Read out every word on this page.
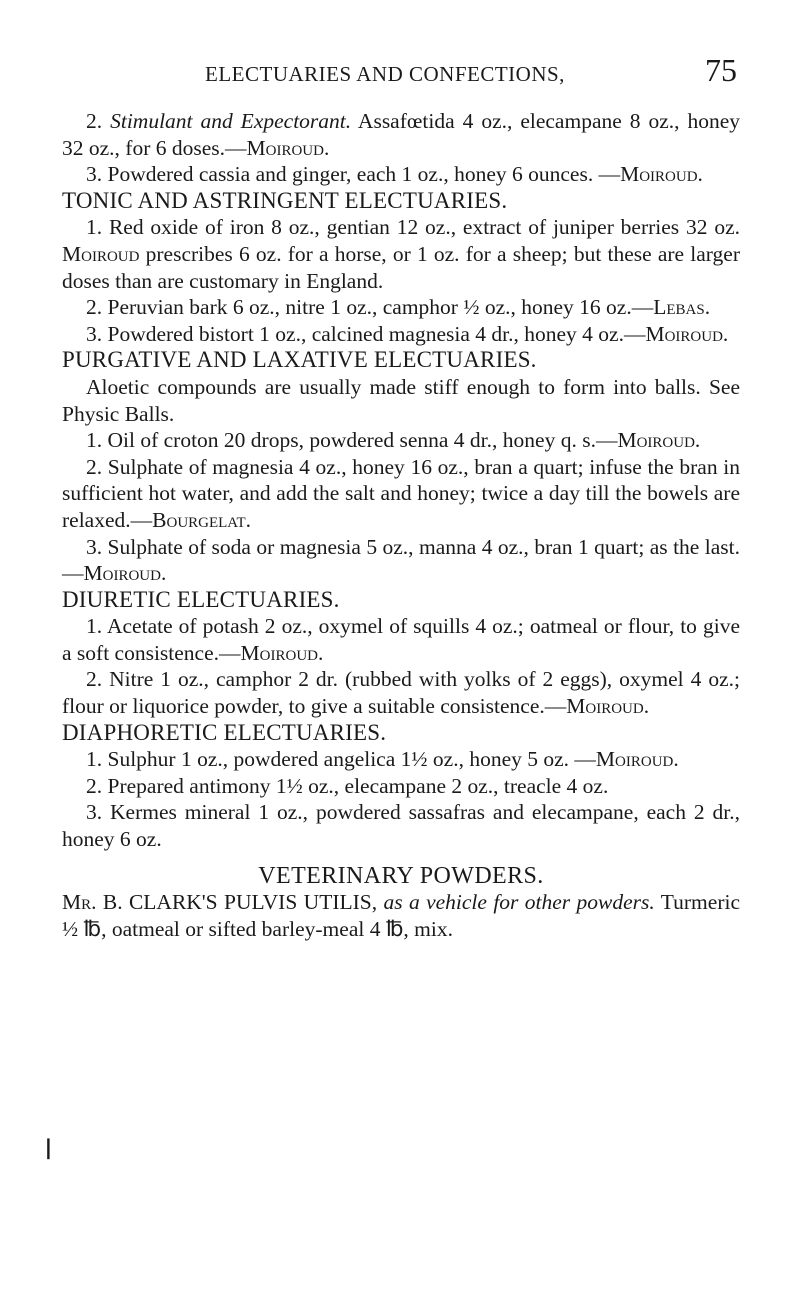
ELECTUARIES AND CONFECTIONS,	75

2. Stimulant and Expectorant. Assafœtida 4 oz., elecampane 8 oz., honey 32 oz., for 6 doses.—Moiroud.

3. Powdered cassia and ginger, each 1 oz., honey 6 ounces. —Moiroud.

TONIC AND ASTRINGENT ELECTUARIES.

1. Red oxide of iron 8 oz., gentian 12 oz., extract of juniper berries 32 oz. Moiroud prescribes 6 oz. for a horse, or 1 oz. for a sheep; but these are larger doses than are customary in England.

2. Peruvian bark 6 oz., nitre 1 oz., camphor ½ oz., honey 16 oz.—Lebas.

3. Powdered bistort 1 oz., calcined magnesia 4 dr., honey 4 oz.—Moiroud.

PURGATIVE AND LAXATIVE ELECTUARIES.

Aloetic compounds are usually made stiff enough to form into balls. See Physic Balls.

1. Oil of croton 20 drops, powdered senna 4 dr., honey q. s.—Moiroud.

2. Sulphate of magnesia 4 oz., honey 16 oz., bran a quart; infuse the bran in sufficient hot water, and add the salt and honey; twice a day till the bowels are relaxed.—Bourgelat.

3. Sulphate of soda or magnesia 5 oz., manna 4 oz., bran 1 quart; as the last.—Moiroud.

DIURETIC ELECTUARIES.

1. Acetate of potash 2 oz., oxymel of squills 4 oz.; oatmeal or flour, to give a soft consistence.—Moiroud.

2. Nitre 1 oz., camphor 2 dr. (rubbed with yolks of 2 eggs), oxymel 4 oz.; flour or liquorice powder, to give a suitable consistence.—Moiroud.

DIAPHORETIC ELECTUARIES.

1. Sulphur 1 oz., powdered angelica 1½ oz., honey 5 oz. —Moiroud.

2. Prepared antimony 1½ oz., elecampane 2 oz., treacle 4 oz.

3. Kermes mineral 1 oz., powdered sassafras and elecampane, each 2 dr., honey 6 oz.

VETERINARY POWDERS.

Mr. B. CLARK'S PULVIS UTILIS, as a vehicle for other powders. Turmeric ½ ℔, oatmeal or sifted barley-meal 4 ℔, mix.

❘
